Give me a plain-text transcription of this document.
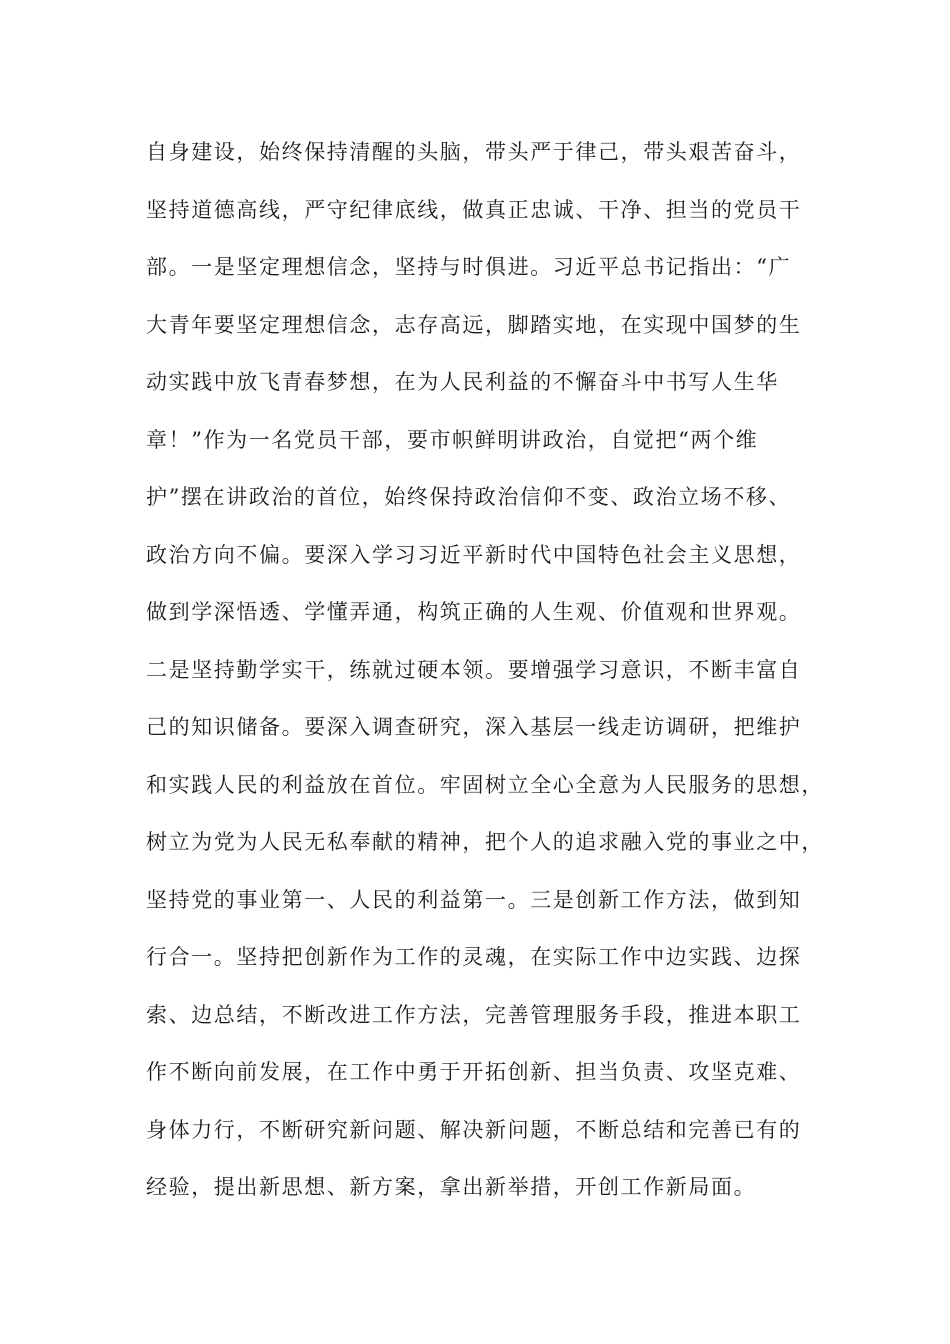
自身建设，始终保持清醒的头脑，带头严于律己，带头艰苦奋斗，
坚持道德高线，严守纪律底线，做真正忠诚、干净、担当的党员干
部。一是坚定理想信念，坚持与时俱进。习近平总书记指出：“广
大青年要坚定理想信念，志存高远，脚踏实地，在实现中国梦的生
动实践中放飞青春梦想，在为人民利益的不懈奋斗中书写人生华
章！”作为一名党员干部，要市帜鲜明讲政治，自觉把“两个维
护”摆在讲政治的首位，始终保持政治信仰不变、政治立场不移、
政治方向不偏。要深入学习习近平新时代中国特色社会主义思想，
做到学深悟透、学懂弄通，构筑正确的人生观、价值观和世界观。
二是坚持勤学实干，练就过硬本领。要增强学习意识，不断丰富自
己的知识储备。要深入调查研究，深入基层一线走访调研，把维护
和实践人民的利益放在首位。牢固树立全心全意为人民服务的思想，
树立为党为人民无私奉献的精神，把个人的追求融入党的事业之中，
坚持党的事业第一、人民的利益第一。三是创新工作方法，做到知
行合一。坚持把创新作为工作的灵魂，在实际工作中边实践、边探
索、边总结，不断改进工作方法，完善管理服务手段，推进本职工
作不断向前发展，在工作中勇于开拓创新、担当负责、攻坚克难、
身体力行，不断研究新问题、解决新问题，不断总结和完善已有的
经验，提出新思想、新方案，拿出新举措，开创工作新局面。
